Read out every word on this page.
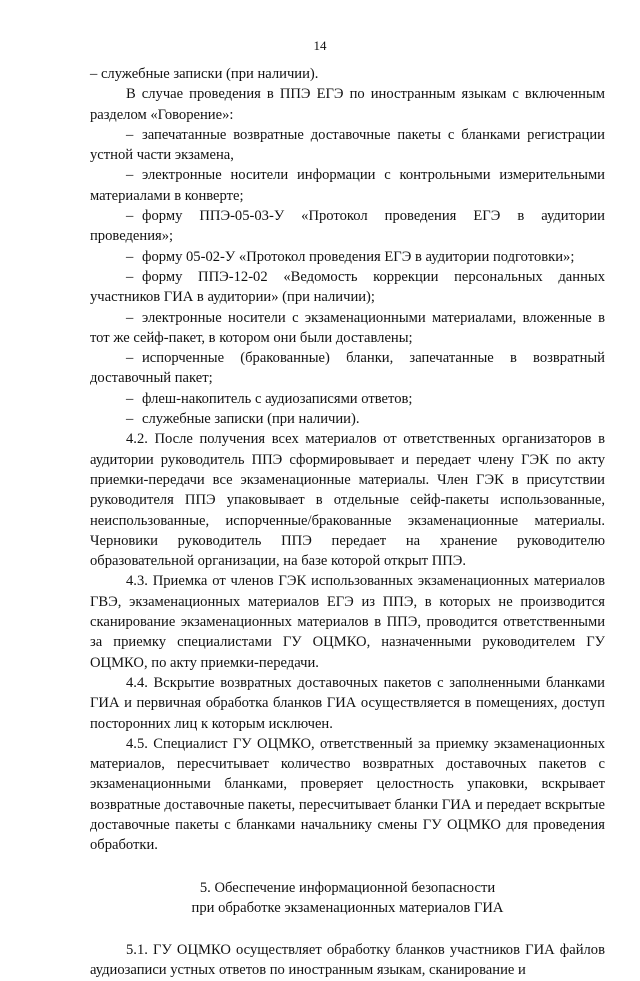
14

– служебные записки (при наличии).

В случае проведения в ППЭ ЕГЭ по иностранным языкам с включенным разделом «Говорение»:

– запечатанные возвратные доставочные пакеты с бланками регистрации устной части экзамена,

– электронные носители информации с контрольными измерительными материалами в конверте;

– форму ППЭ-05-03-У «Протокол проведения ЕГЭ в аудитории проведения»;

– форму 05-02-У «Протокол проведения ЕГЭ в аудитории подготовки»;

– форму ППЭ-12-02 «Ведомость коррекции персональных данных участников ГИА в аудитории» (при наличии);

– электронные носители с экзаменационными материалами, вложенные в тот же сейф-пакет, в котором они были доставлены;

– испорченные (бракованные) бланки, запечатанные в возвратный доставочный пакет;

– флеш-накопитель с аудиозаписями ответов;

– служебные записки (при наличии).

4.2. После получения всех материалов от ответственных организаторов в аудитории руководитель ППЭ сформировывает и передает члену ГЭК по акту приемки-передачи все экзаменационные материалы. Член ГЭК в присутствии руководителя ППЭ упаковывает в отдельные сейф-пакеты использованные, неиспользованные, испорченные/бракованные экзаменационные материалы. Черновики руководитель ППЭ передает на хранение руководителю образовательной организации, на базе которой открыт ППЭ.

4.3. Приемка от членов ГЭК использованных экзаменационных материалов ГВЭ, экзаменационных материалов ЕГЭ из ППЭ, в которых не производится сканирование экзаменационных материалов в ППЭ, проводится ответственными за приемку специалистами ГУ ОЦМКО, назначенными руководителем ГУ ОЦМКО, по акту приемки-передачи.

4.4. Вскрытие возвратных доставочных пакетов с заполненными бланками ГИА и первичная обработка бланков ГИА осуществляется в помещениях, доступ посторонних лиц к которым исключен.

4.5. Специалист ГУ ОЦМКО, ответственный за приемку экзаменационных материалов, пересчитывает количество возвратных доставочных пакетов с экзаменационными бланками, проверяет целостность упаковки, вскрывает возвратные доставочные пакеты, пересчитывает бланки ГИА и передает вскрытые доставочные пакеты с бланками начальнику смены ГУ ОЦМКО для проведения обработки.

5. Обеспечение информационной безопасности

при обработке экзаменационных материалов ГИА

5.1. ГУ ОЦМКО осуществляет обработку бланков участников ГИА файлов аудиозаписи устных ответов по иностранным языкам, сканирование и
